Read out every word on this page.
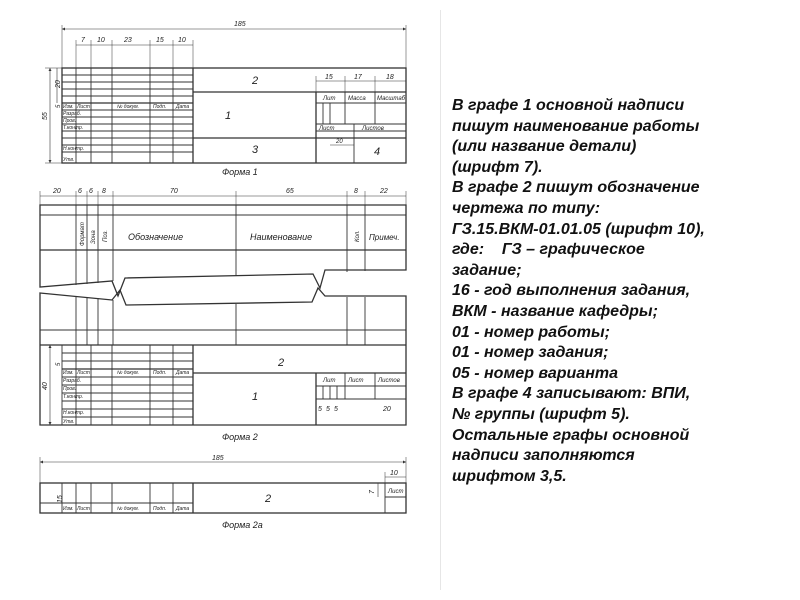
185
7 10	23	15 10
15	17	18
20
55
5
2
1
3	4
Лит Масса Масштаб
Лист	Листов
20
Изм. Лист	№ докум.	Подп. Дата
Разраб.
Пров.
Т.контр.
Н.контр.
Утв.
Форма 1
20 6 6 8	70	65	8	22
Формат Зона Поз. Обозначение	Наименование	Кол. Примеч.
2
1
40
5
Лит Лист Листов
5 5 5	20
Изм. Лист	№ докум.	Подп. Дата
Разраб.
Пров.
Т.контр.
Н.контр.
Утв.
Форма 2
185
10
15
7
2
Лист
Изм. Лист	№ докум.	Подп. Дата
Форма 2а
В графе 1 основной надписи
пишут наименование работы
(или название детали)
(шрифт 7).
В графе 2 пишут обозначение
чертежа по типу:
ГЗ.15.ВКМ-01.01.05 (шрифт 10),
где:    ГЗ – графическое
задание;
16 - год выполнения задания,
ВКМ - название кафедры;
01 - номер работы;
01 - номер задания;
05 - номер варианта
В графе 4 записывают: ВПИ,
№ группы (шрифт 5).
Остальные графы основной
надписи заполняются
шрифтом 3,5.
